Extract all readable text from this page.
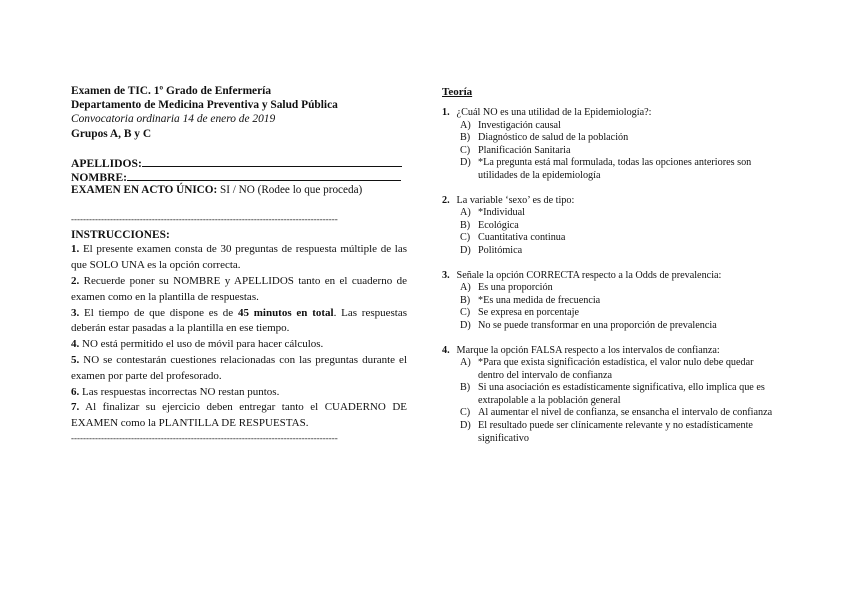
Examen de TIC. 1º Grado de Enfermería
Departamento de Medicina Preventiva y Salud Pública
Convocatoria ordinaria 14 de enero de 2019
Grupos A, B y C
APELLIDOS:
NOMBRE:
EXAMEN EN ACTO ÚNICO: SI / NO (Rodee lo que proceda)
-----------------------------------------------------------------------------------------
INSTRUCCIONES:
1. El presente examen consta de 30 preguntas de respuesta múltiple de las que SOLO UNA es la opción correcta.
2. Recuerde poner su NOMBRE y APELLIDOS tanto en el cuaderno de examen como en la plantilla de respuestas.
3. El tiempo de que dispone es de 45 minutos en total. Las respuestas deberán estar pasadas a la plantilla en ese tiempo.
4. NO está permitido el uso de móvil para hacer cálculos.
5. NO se contestarán cuestiones relacionadas con las preguntas durante el examen por parte del profesorado.
6. Las respuestas incorrectas NO restan puntos.
7. Al finalizar su ejercicio deben entregar tanto el CUADERNO DE EXAMEN como la PLANTILLA DE RESPUESTAS.
-----------------------------------------------------------------------------------------
Teoría
1. ¿Cuál NO es una utilidad de la Epidemiología?:
A) Investigación causal
B) Diagnóstico de salud de la población
C) Planificación Sanitaria
D) *La pregunta está mal formulada, todas las opciones anteriores son utilidades de la epidemiología
2. La variable ‘sexo’ es de tipo:
A) *Individual
B) Ecológica
C) Cuantitativa continua
D) Politómica
3. Señale la opción CORRECTA respecto a la Odds de prevalencia:
A) Es una proporción
B) *Es una medida de frecuencia
C) Se expresa en porcentaje
D) No se puede transformar en una proporción de prevalencia
4. Marque la opción FALSA respecto a los intervalos de confianza:
A) *Para que exista significación estadística, el valor nulo debe quedar dentro del intervalo de confianza
B) Si una asociación es estadísticamente significativa, ello implica que es extrapolable a la población general
C) Al aumentar el nivel de confianza, se ensancha el intervalo de confianza
D) El resultado puede ser clínicamente relevante y no estadísticamente significativo
